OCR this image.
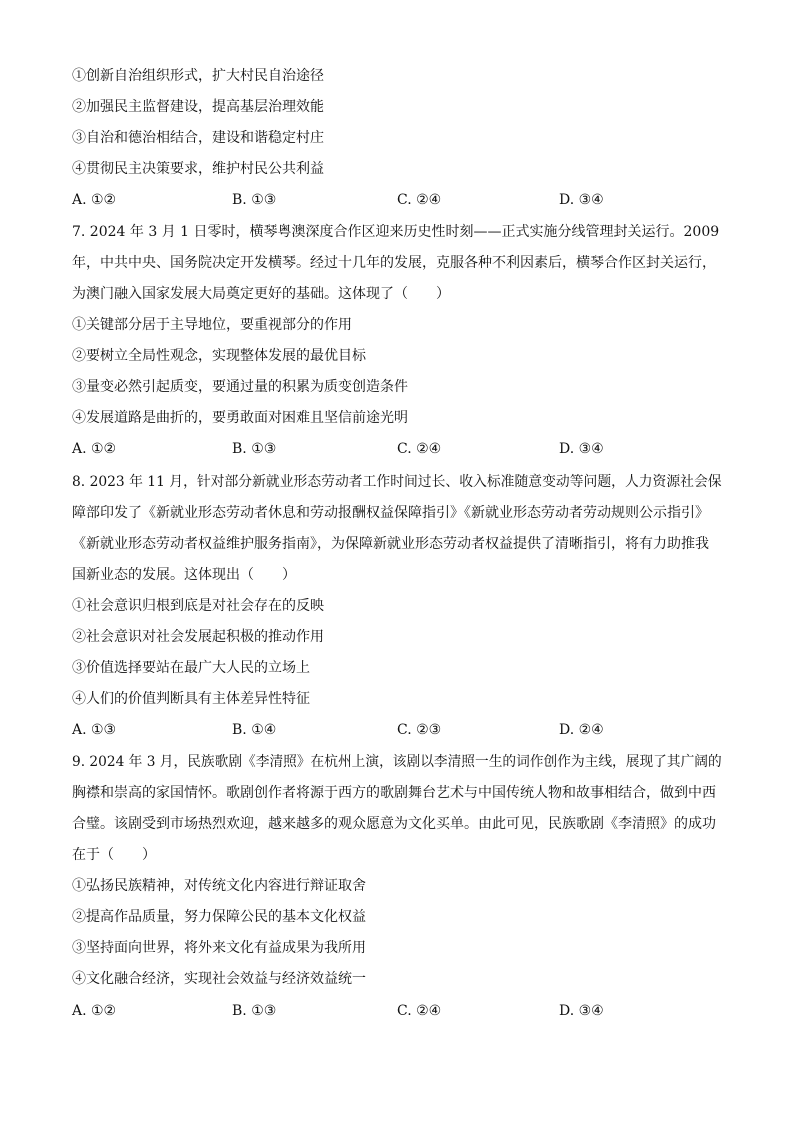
①创新自治组织形式，扩大村民自治途径
②加强民主监督建设，提高基层治理效能
③自治和德治相结合，建设和谐稳定村庄
④贯彻民主决策要求，维护村民公共利益
A. ①②	B. ①③	C. ②④	D. ③④
7. 2024 年 3 月 1 日零时，横琴粤澳深度合作区迎来历史性时刻——正式实施分线管理封关运行。2009
年，中共中央、国务院决定开发横琴。经过十几年的发展，克服各种不利因素后，横琴合作区封关运行，
为澳门融入国家发展大局奠定更好的基础。这体现了（　　）
①关键部分居于主导地位，要重视部分的作用
②要树立全局性观念，实现整体发展的最优目标
③量变必然引起质变，要通过量的积累为质变创造条件
④发展道路是曲折的，要勇敢面对困难且坚信前途光明
A. ①②	B. ①③	C. ②④	D. ③④
8. 2023 年 11 月，针对部分新就业形态劳动者工作时间过长、收入标准随意变动等问题，人力资源社会保
障部印发了《新就业形态劳动者休息和劳动报酬权益保障指引》《新就业形态劳动者劳动规则公示指引》
《新就业形态劳动者权益维护服务指南》，为保障新就业形态劳动者权益提供了清晰指引，将有力助推我
国新业态的发展。这体现出（　　）
①社会意识归根到底是对社会存在的反映
②社会意识对社会发展起积极的推动作用
③价值选择要站在最广大人民的立场上
④人们的价值判断具有主体差异性特征
A. ①③	B. ①④	C. ②③	D. ②④
9. 2024 年 3 月，民族歌剧《李清照》在杭州上演，该剧以李清照一生的词作创作为主线，展现了其广阔的
胸襟和崇高的家国情怀。歌剧创作者将源于西方的歌剧舞台艺术与中国传统人物和故事相结合，做到中西
合璧。该剧受到市场热烈欢迎，越来越多的观众愿意为文化买单。由此可见，民族歌剧《李清照》的成功
在于（　　）
①弘扬民族精神，对传统文化内容进行辩证取舍
②提高作品质量，努力保障公民的基本文化权益
③坚持面向世界，将外来文化有益成果为我所用
④文化融合经济，实现社会效益与经济效益统一
A. ①②	B. ①③	C. ②④	D. ③④
